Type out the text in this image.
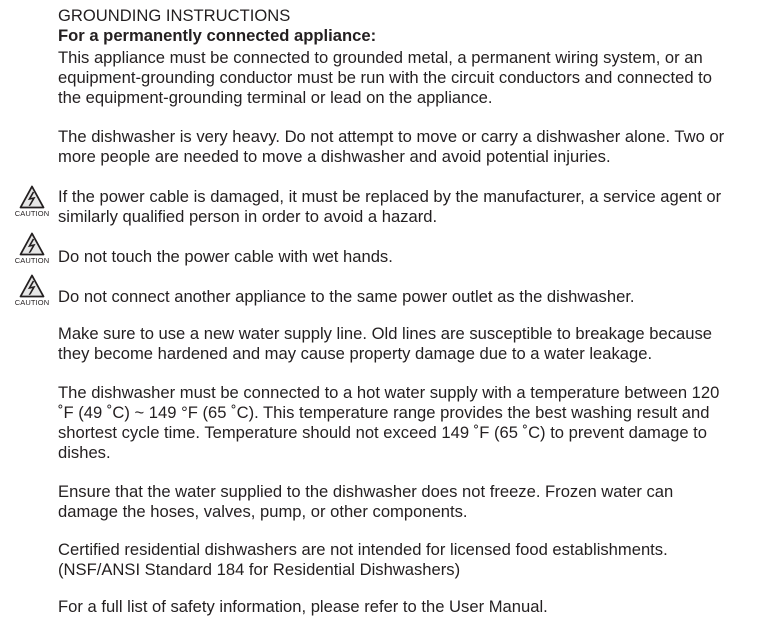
GROUNDING INSTRUCTIONS
For a permanently connected appliance:
This appliance must be connected to grounded metal, a permanent wiring system, or an
equipment-grounding conductor must be run with the circuit conductors and connected to
the equipment-grounding terminal or lead on the appliance.
The dishwasher is very heavy. Do not attempt to move or carry a dishwasher alone. Two or
more people are needed to move a dishwasher and avoid potential injuries.
CAUTION
If the power cable is damaged, it must be replaced by the manufacturer, a service agent or
similarly qualified person in order to avoid a hazard.
CAUTION Do not touch the power cable with wet hands.
CAUTION Do not connect another appliance to the same power outlet as the dishwasher.
Make sure to use a new water supply line. Old lines are susceptible to breakage because
they become hardened and may cause property damage due to a water leakage.
The dishwasher must be connected to a hot water supply with a temperature between 120
˚F (49 ˚C) ~ 149 °F (65 ˚C). This temperature range provides the best washing result and
shortest cycle time. Temperature should not exceed 149 ˚F (65 ˚C) to prevent damage to
dishes.
Ensure that the water supplied to the dishwasher does not freeze. Frozen water can
damage the hoses, valves, pump, or other components.
Certified residential dishwashers are not intended for licensed food establishments.
(NSF/ANSI Standard 184 for Residential Dishwashers)
For a full list of safety information, please refer to the User Manual.
